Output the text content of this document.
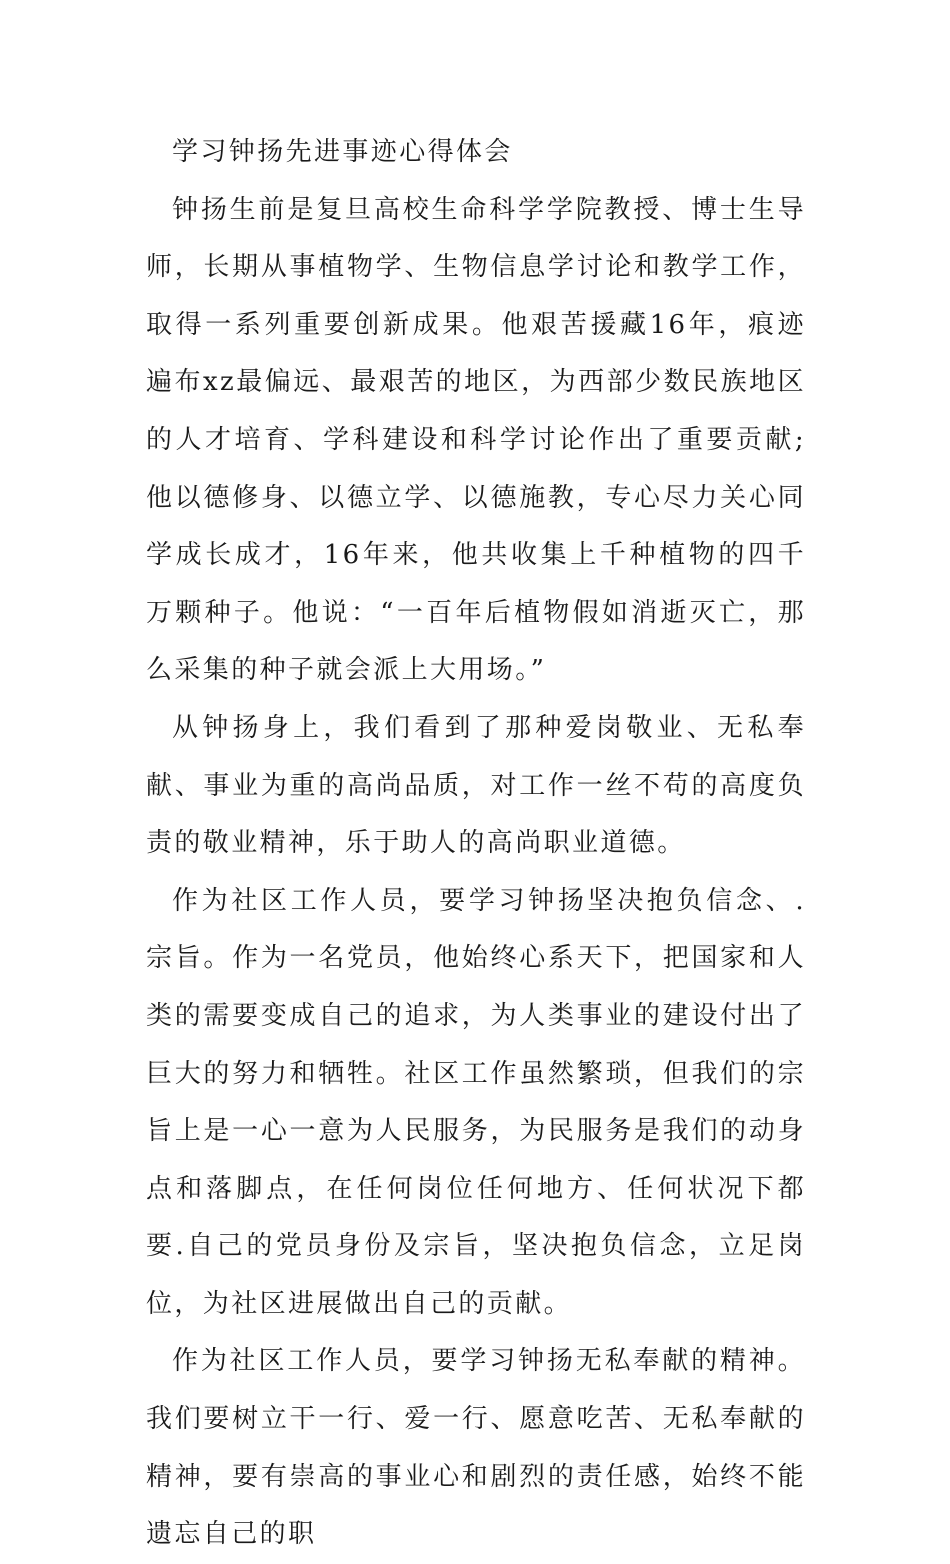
学习钟扬先进事迹心得体会

钟扬生前是复旦高校生命科学学院教授、博士生导师，长期从事植物学、生物信息学讨论和教学工作，取得一系列重要创新成果。他艰苦援藏16年，痕迹遍布xz最偏远、最艰苦的地区，为西部少数民族地区的人才培育、学科建设和科学讨论作出了重要贡献;他以德修身、以德立学、以德施教，专心尽力关心同学成长成才，16年来，他共收集上千种植物的四千万颗种子。他说：“一百年后植物假如消逝灭亡，那么采集的种子就会派上大用场。”

从钟扬身上，我们看到了那种爱岗敬业、无私奉献、事业为重的高尚品质，对工作一丝不苟的高度负责的敬业精神，乐于助人的高尚职业道德。

作为社区工作人员，要学习钟扬坚决抱负信念、.宗旨。作为一名党员，他始终心系天下，把国家和人类的需要变成自己的追求，为人类事业的建设付出了巨大的努力和牺牲。社区工作虽然繁琐，但我们的宗旨上是一心一意为人民服务，为民服务是我们的动身点和落脚点，在任何岗位任何地方、任何状况下都要.自己的党员身份及宗旨，坚决抱负信念，立足岗位，为社区进展做出自己的贡献。

作为社区工作人员，要学习钟扬无私奉献的精神。我们要树立干一行、爱一行、愿意吃苦、无私奉献的精神，要有崇高的事业心和剧烈的责任感，始终不能遗忘自己的职
